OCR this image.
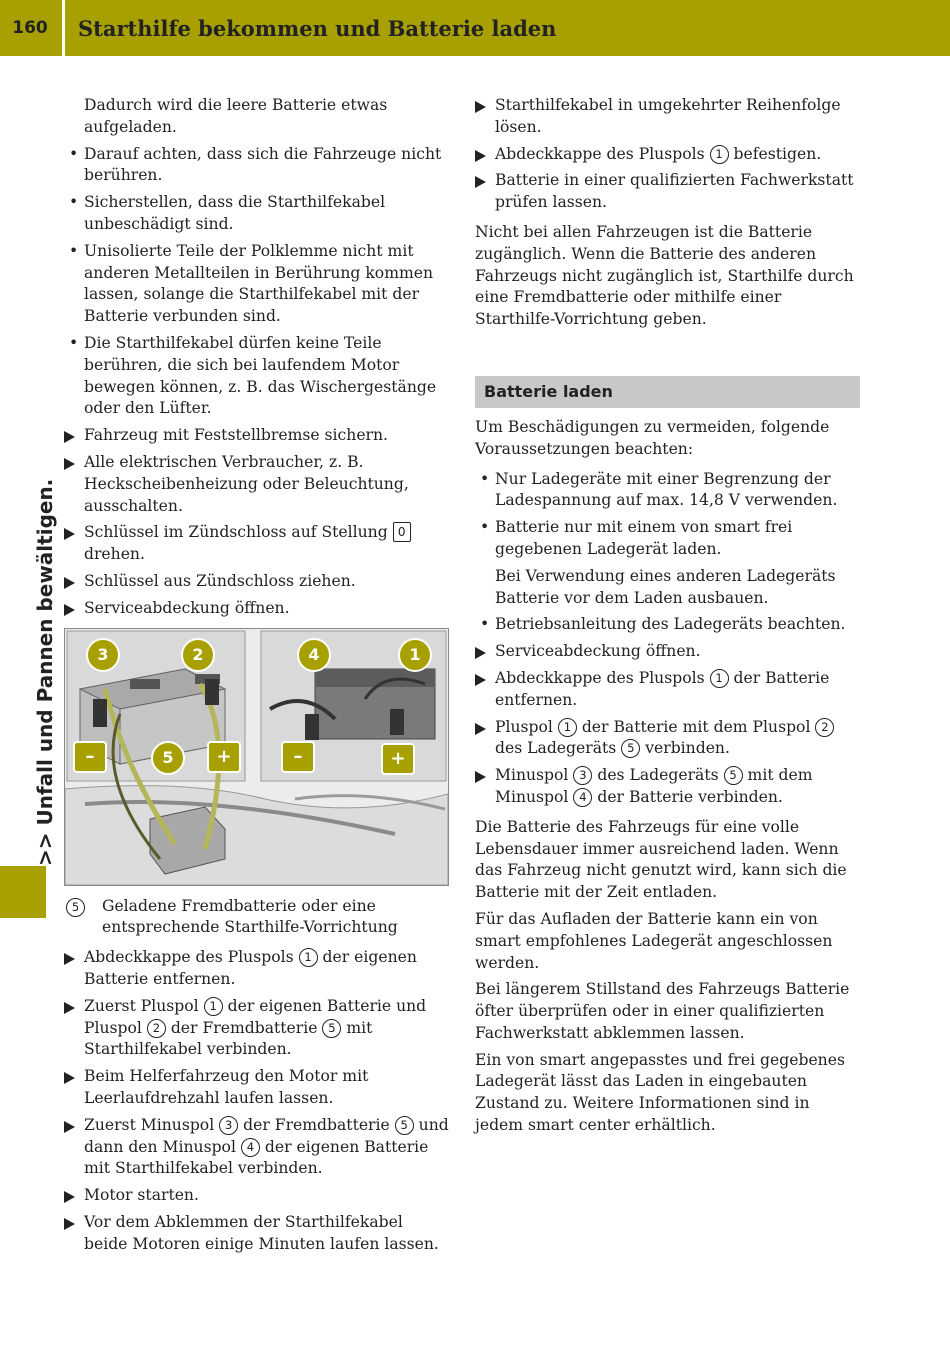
160	Starthilfe bekommen und Batterie laden
>> Unfall und Pannen bewältigen.

Dadurch wird die leere Batterie etwas aufgeladen.

• Darauf achten, dass sich die Fahrzeuge nicht berühren.
• Sicherstellen, dass die Starthilfekabel unbeschädigt sind.
• Unisolierte Teile der Polklemme nicht mit anderen Metallteilen in Berührung kommen lassen, solange die Starthilfekabel mit der Batterie verbunden sind.
• Die Starthilfekabel dürfen keine Teile berühren, die sich bei laufendem Motor bewegen können, z. B. das Wischergestänge oder den Lüfter.
Fahrzeug mit Feststellbremse sichern.
Alle elektrischen Verbraucher, z. B. Heckscheibenheizung oder Beleuchtung, ausschalten.
Schlüssel im Zündschloss auf Stellung 0 drehen.
Schlüssel aus Zündschloss ziehen.
Serviceabdeckung öffnen.
3	2	4	1
5
–	+	–	+
5	Geladene Fremdbatterie oder eine entsprechende Starthilfe-Vorrichtung
Abdeckkappe des Pluspols 1 der eigenen Batterie entfernen.
Zuerst Pluspol 1 der eigenen Batterie und Pluspol 2 der Fremdbatterie 5 mit Starthilfekabel verbinden.
Beim Helferfahrzeug den Motor mit Leerlaufdrehzahl laufen lassen.
Zuerst Minuspol 3 der Fremdbatterie 5 und dann den Minuspol 4 der eigenen Batterie mit Starthilfekabel verbinden.
Motor starten.
Vor dem Abklemmen der Starthilfekabel beide Motoren einige Minuten laufen lassen.
Starthilfekabel in umgekehrter Reihenfolge lösen.
Abdeckkappe des Pluspols 1 befestigen.
Batterie in einer qualifizierten Fachwerkstatt prüfen lassen.

Nicht bei allen Fahrzeugen ist die Batterie zugänglich. Wenn die Batterie des anderen Fahrzeugs nicht zugänglich ist, Starthilfe durch eine Fremdbatterie oder mithilfe einer Starthilfe-Vorrichtung geben.

Batterie laden

Um Beschädigungen zu vermeiden, folgende Voraussetzungen beachten:

• Nur Ladegeräte mit einer Begrenzung der Ladespannung auf max. 14,8 V verwenden.
• Batterie nur mit einem von smart frei gegebenen Ladegerät laden.

Bei Verwendung eines anderen Ladegeräts Batterie vor dem Laden ausbauen.

• Betriebsanleitung des Ladegeräts beachten.
Serviceabdeckung öffnen.
Abdeckkappe des Pluspols 1 der Batterie entfernen.
Pluspol 1 der Batterie mit dem Pluspol 2 des Ladegeräts 5 verbinden.
Minuspol 3 des Ladegeräts 5 mit dem Minuspol 4 der Batterie verbinden.

Die Batterie des Fahrzeugs für eine volle Lebensdauer immer ausreichend laden. Wenn das Fahrzeug nicht genutzt wird, kann sich die Batterie mit der Zeit entladen.

Für das Aufladen der Batterie kann ein von smart empfohlenes Ladegerät angeschlossen werden.

Bei längerem Stillstand des Fahrzeugs Batterie öfter überprüfen oder in einer qualifizierten Fachwerkstatt abklemmen lassen.

Ein von smart angepasstes und frei gegebenes Ladegerät lässt das Laden in eingebauten Zustand zu. Weitere Informationen sind in jedem smart center erhältlich.
